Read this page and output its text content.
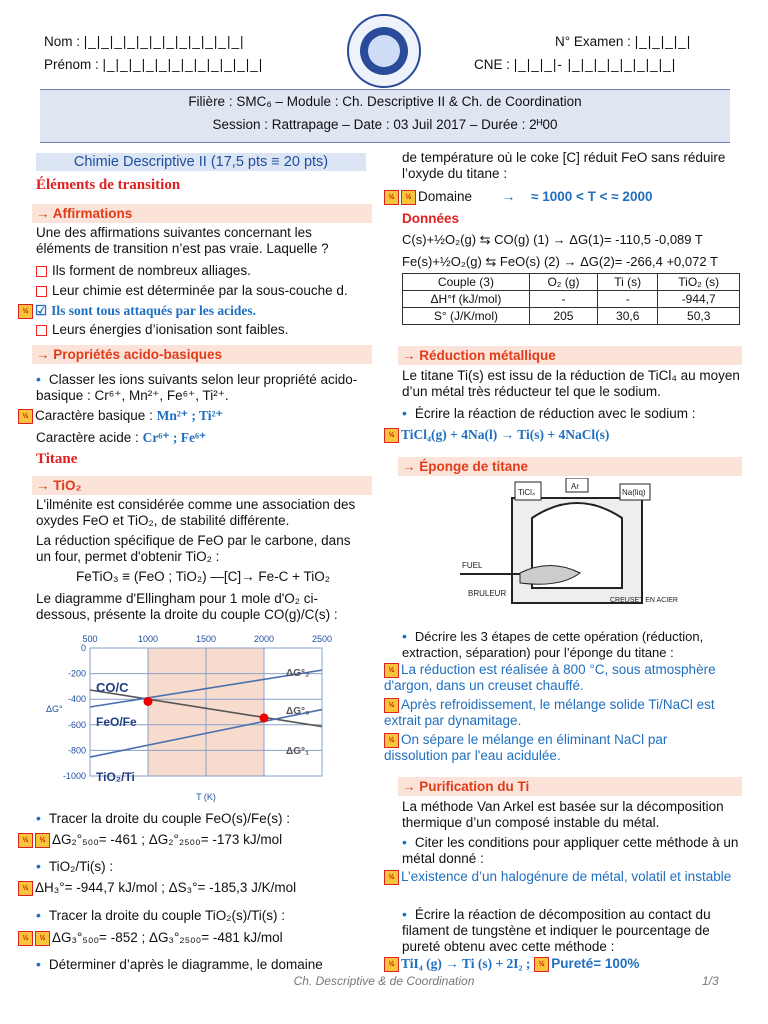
Nom : |_|_|_|_|_|_|_|_|_|_|_|_|
Prénom : |_|_|_|_|_|_|_|_|_|_|_|_|
N° Examen : |_|_|_|_|
CNE : |_|_|_|- |_|_|_|_|_|_|_|_|
Filière : SMC₆ – Module : Ch. Descriptive II & Ch. de Coordination
Session : Rattrapage – Date : 03 Juil 2017 – Durée : 2ᴴ00
Chimie Descriptive II (17,5 pts ≡ 20 pts)
Éléments de transition
→ Affirmations
Une des affirmations suivantes concernant les éléments de transition n’est pas vraie. Laquelle ?
Ils forment de nombreux alliages.
Leur chimie est déterminée par la sous-couche d.
½ ☑ Ils sont tous attaqués par les acides.
Leurs énergies d’ionisation sont faibles.
→ Propriétés acido-basiques
• Classer les ions suivants selon leur propriété acido-basique : Cr⁶⁺, Mn²⁺, Fe⁶⁺, Ti²⁺.
½ Caractère basique : Mn²⁺ ; Ti²⁺
Caractère acide : Cr⁶⁺ ; Fe⁶⁺
Titane
→ TiO₂
L'ilménite est considérée comme une association des oxydes FeO et TiO₂, de stabilité différente.
La réduction spécifique de FeO par le carbone, dans un four, permet d'obtenir TiO₂ :
FeTiO₃ ≡ (FeO ; TiO₂) —[C]→ Fe-C + TiO₂
Le diagramme d'Ellingham pour 1 mole d'O₂ ci-dessous, présente la droite du couple CO(g)/C(s) :
500	1000	1500	2000	2500
0
-200
-400
-600
-800
-1000
CO/C
FeO/Fe
TiO₂/Ti
ΔG°₂
ΔG°₃
ΔG°₁
T (K)
ΔG°
• Tracer la droite du couple FeO(s)/Fe(s) :
½ ½ ΔG₂°₅₀₀= -461 ; ΔG₂°₂₅₀₀= -173 kJ/mol
• TiO₂/Ti(s) :
½ ΔH₃°= -944,7 kJ/mol ; ΔS₃°= -185,3 J/K/mol
• Tracer la droite du couple TiO₂(s)/Ti(s) :
½ ½ ΔG₃°₅₀₀= -852 ; ΔG₃°₂₅₀₀= -481 kJ/mol
• Déterminer d’après le diagramme, le domaine
de température où le coke [C] réduit FeO sans réduire l’oxyde du titane :
½ ½ Domaine → ≈ 1000 < T < ≈ 2000
Données
C(s)+½O₂(g) ⇆ CO(g) (1) → ΔG(1)= -110,5 -0,089 T
Fe(s)+½O₂(g) ⇆ FeO(s) (2) → ΔG(2)= -266,4 +0,072 T
Couple (3)	O₂ (g)	Ti (s)	TiO₂ (s)
ΔH°f (kJ/mol)	-	-	-944,7
S° (J/K/mol)	205	30,6	50,3
→ Réduction métallique
Le titane Ti(s) est issu de la réduction de TiCl₄ au moyen d’un métal très réducteur tel que le sodium.
• Écrire la réaction de réduction avec le sodium :
½ TiCl₄(g) + 4Na(l) → Ti(s) + 4NaCl(s)
→ Éponge de titane
TiCl₄
Ar
Na(liq)
FUEL
BRULEUR
CREUSET EN ACIER
• Décrire les 3 étapes de cette opération (réduction, extraction, séparation) pour l’éponge du titane :
½ La réduction est réalisée à 800 °C, sous atmosphère d'argon, dans un creuset chauffé.
½ Après refroidissement, le mélange solide Ti/NaCl est extrait par dynamitage.
½ On sépare le mélange en éliminant NaCl par dissolution par l'eau acidulée.
→ Purification du Ti
La méthode Van Arkel est basée sur la décomposition thermique d’un composé instable du métal.
• Citer les conditions pour appliquer cette méthode à un métal donné :
½ L’existence d’un halogénure de métal, volatil et instable
• Écrire la réaction de décomposition au contact du filament de tungstène et indiquer le pourcentage de pureté obtenu avec cette méthode :
½ TiI₄ (g) → Ti (s) + 2I₂ ; ½ Pureté= 100%
Ch. Descriptive & de Coordination	1/3
